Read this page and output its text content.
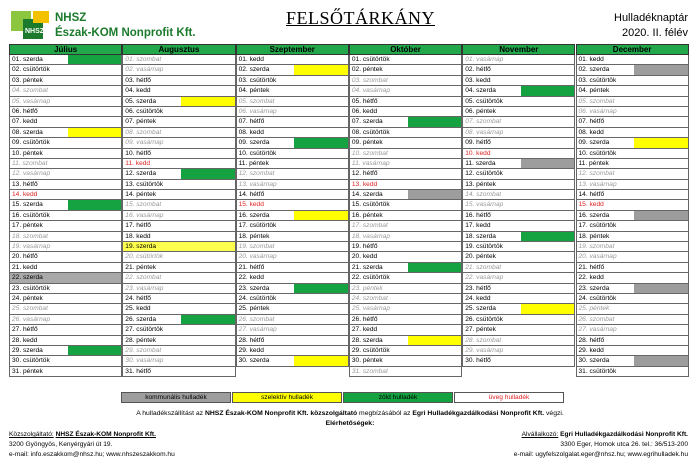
NHSZ
NHSZ
Észak-KOM Nonprofit Kft.
FELSŐTÁRKÁNY	Hulladéknaptár
2020. II. félév
Július
01. szerda
02. csütörtök
03. péntek
04. szombat
05. vasárnap
06. hétfő
07. kedd
08. szerda
09. csütörtök
10. péntek
11. szombat
12. vasárnap
13. hétfő
14. kedd
15. szerda
16. csütörtök
17. péntek
18. szombat
19. vasárnap
20. hétfő
21. kedd
22. szerda
23. csütörtök
24. péntek
25. szombat
26. vasárnap
27. hétfő
28. kedd
29. szerda
30. csütörtök
31. péntek
Augusztus
01. szombat
02. vasárnap
03. hétfő
04. kedd
05. szerda
06. csütörtök
07. péntek
08. szombat
09. vasárnap
10. hétfő
11. kedd
12. szerda
13. csütörtök
14. péntek
15. szombat
16. vasárnap
17. hétfő
18. kedd
19. szerda
20. csütörtök
21. péntek
22. szombat
23. vasárnap
24. hétfő
25. kedd
26. szerda
27. csütörtök
28. péntek
29. szombat
30. vasárnap
31. hétfő
Szeptember
01. kedd
02. szerda
03. csütörtök
04. péntek
05. szombat
06. vasárnap
07. hétfő
08. kedd
09. szerda
10. csütörtök
11. péntek
12. szombat
13. vasárnap
14. hétfő
15. kedd
16. szerda
17. csütörtök
18. péntek
19. szombat
20. vasárnap
21. hétfő
22. kedd
23. szerda
24. csütörtök
25. péntek
26. szombat
27. vasárnap
28. hétfő
29. kedd
30. szerda
Október
01. csütörtök
02. péntek
03. szombat
04. vasárnap
05. hétfő
06. kedd
07. szerda
08. csütörtök
09. péntek
10. szombat
11. vasárnap
12. hétfő
13. kedd
14. szerda
15. csütörtök
16. péntek
17. szombat
18. vasárnap
19. hétfő
20. kedd
21. szerda
22. csütörtök
23. péntek
24. szombat
25. vasárnap
26. hétfő
27. kedd
28. szerda
29. csütörtök
30. péntek
31. szombat
November
01. vasárnap
02. hétfő
03. kedd
04. szerda
05. csütörtök
06. péntek
07. szombat
08. vasárnap
09. hétfő
10. kedd
11. szerda
12. csütörtök
13. péntek
14. szombat
15. vasárnap
16. hétfő
17. kedd
18. szerda
19. csütörtök
20. péntek
21. szombat
22. vasárnap
23. hétfő
24. kedd
25. szerda
26. csütörtök
27. péntek
28. szombat
29. vasárnap
30. hétfő
December
01. kedd
02. szerda
03. csütörtök
04. péntek
05. szombat
06. vasárnap
07. hétfő
08. kedd
09. szerda
10. csütörtök
11. péntek
12. szombat
13. vasárnap
14. hétfő
15. kedd
16. szerda
17. csütörtök
18. péntek
19. szombat
20. vasárnap
21. hétfő
22. kedd
23. szerda
24. csütörtök
25. péntek
26. szombat
27. vasárnap
28. hétfő
29. kedd
30. szerda
31. csütörtök
kommunális hulladék	szelektív hulladék	zöld hulladék	üveg hulladék
A hulladékszállítást az NHSZ Észak-KOM Nonprofit Kft. közszolgáltató megbízásából az Egri Hulladékgazdálkodási Nonprofit Kft. végzi.
Elérhetőségek:
Közszolgáltató: NHSZ Észak-KOM Nonprofit Kft.
3200 Gyöngyös, Kenyérgyári út 19.
e-mail: info.eszakkom@nhsz.hu; www.nhszeszakkom.hu
Alvállalkozó: Egri Hulladékgazdálkodási Nonprofit Kft.
3300 Eger, Homok utca 26. tel.: 36/513-200
e-mail: ugyfelszolgalat.eger@nhsz.hu; www.egrihulladek.hu
